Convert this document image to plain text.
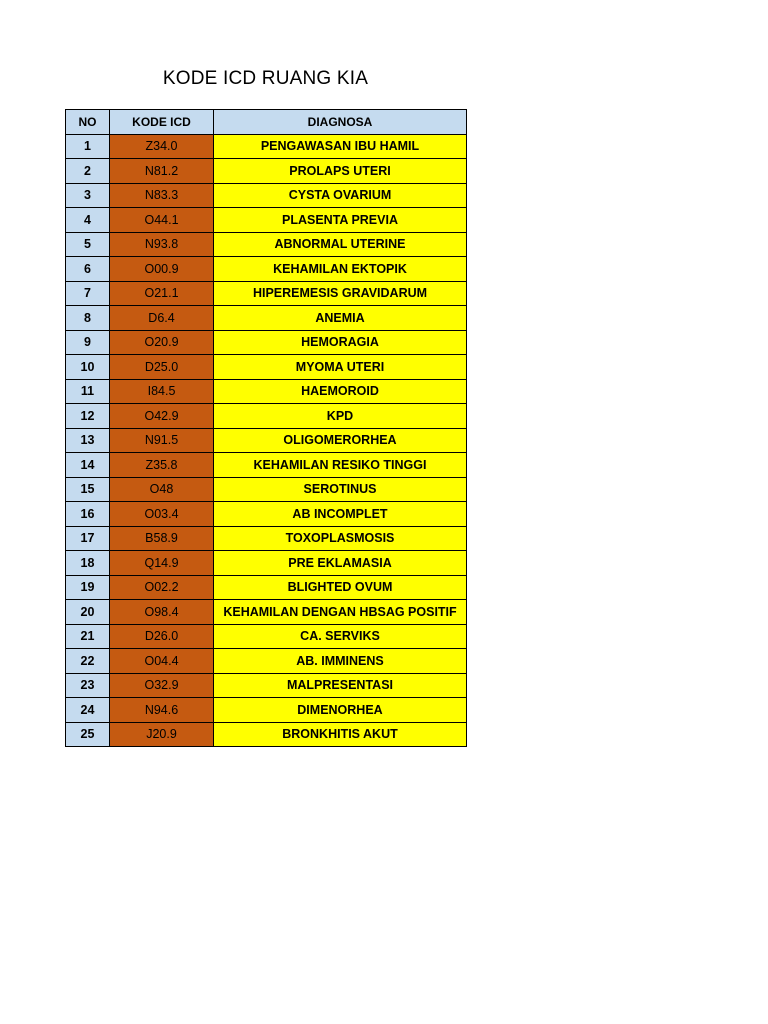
KODE ICD RUANG KIA
NO	KODE ICD	DIAGNOSA
1	Z34.0	PENGAWASAN IBU HAMIL
2	N81.2	PROLAPS UTERI
3	N83.3	CYSTA OVARIUM
4	O44.1	PLASENTA PREVIA
5	N93.8	ABNORMAL UTERINE
6	O00.9	KEHAMILAN EKTOPIK
7	O21.1	HIPEREMESIS GRAVIDARUM
8	D6.4	ANEMIA
9	O20.9	HEMORAGIA
10	D25.0	MYOMA UTERI
11	I84.5	HAEMOROID
12	O42.9	KPD
13	N91.5	OLIGOMERORHEA
14	Z35.8	KEHAMILAN RESIKO TINGGI
15	O48	SEROTINUS
16	O03.4	AB INCOMPLET
17	B58.9	TOXOPLASMOSIS
18	Q14.9	PRE EKLAMASIA
19	O02.2	BLIGHTED OVUM
20	O98.4	KEHAMILAN DENGAN HBSAG POSITIF
21	D26.0	CA. SERVIKS
22	O04.4	AB. IMMINENS
23	O32.9	MALPRESENTASI
24	N94.6	DIMENORHEA
25	J20.9	BRONKHITIS AKUT
